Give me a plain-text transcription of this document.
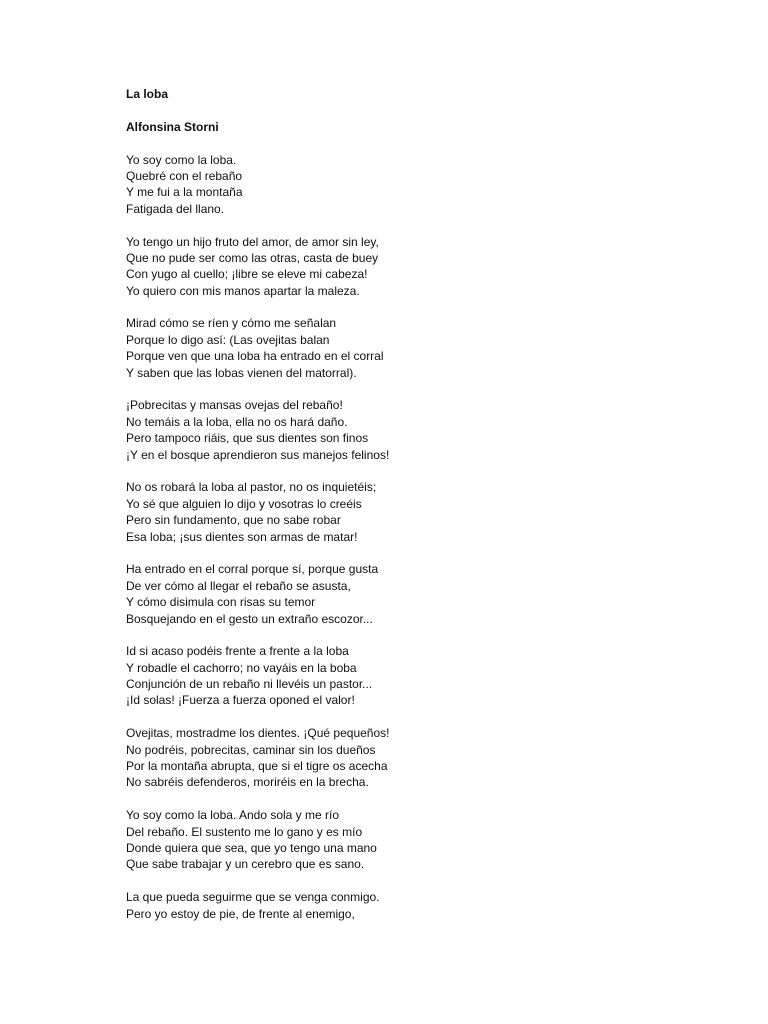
La loba
Alfonsina Storni
Yo soy como la loba.
Quebré con el rebaño
Y me fui a la montaña
Fatigada del llano.
Yo tengo un hijo fruto del amor, de amor sin ley,
Que no pude ser como las otras, casta de buey
Con yugo al cuello; ¡libre se eleve mi cabeza!
Yo quiero con mis manos apartar la maleza.
Mirad cómo se ríen y cómo me señalan
Porque lo digo así: (Las ovejitas balan
Porque ven que una loba ha entrado en el corral
Y saben que las lobas vienen del matorral).
¡Pobrecitas y mansas ovejas del rebaño!
No temáis a la loba, ella no os hará daño.
Pero tampoco riáis, que sus dientes son finos
¡Y en el bosque aprendieron sus manejos felinos!
No os robará la loba al pastor, no os inquietéis;
Yo sé que alguien lo dijo y vosotras lo creéis
Pero sin fundamento, que no sabe robar
Esa loba; ¡sus dientes son armas de matar!
Ha entrado en el corral porque sí, porque gusta
De ver cómo al llegar el rebaño se asusta,
Y cómo disimula con risas su temor
Bosquejando en el gesto un extraño escozor...
Id si acaso podéis frente a frente a la loba
Y robadle el cachorro; no vayáis en la boba
Conjunción de un rebaño ni llevéis un pastor...
¡Id solas! ¡Fuerza a fuerza oponed el valor!
Ovejitas, mostradme los dientes. ¡Qué pequeños!
No podréis, pobrecitas, caminar sin los dueños
Por la montaña abrupta, que si el tigre os acecha
No sabréis defenderos, moriréis en la brecha.
Yo soy como la loba. Ando sola y me río
Del rebaño. El sustento me lo gano y es mío
Donde quiera que sea, que yo tengo una mano
Que sabe trabajar y un cerebro que es sano.
La que pueda seguirme que se venga conmigo.
Pero yo estoy de pie, de frente al enemigo,
